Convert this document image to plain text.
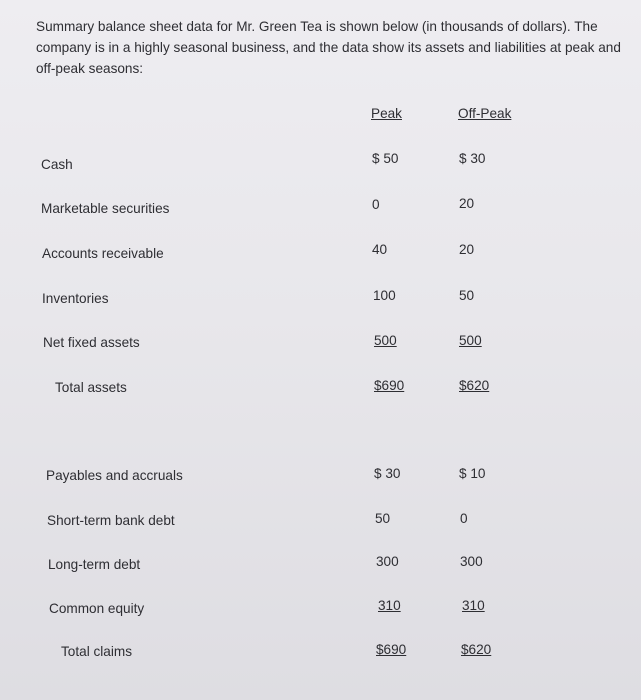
Summary balance sheet data for Mr. Green Tea is shown below (in thousands of dollars). The company is in a highly seasonal business, and the data show its assets and liabilities at peak and off-peak seasons:
Peak	Off-Peak
Cash	$ 50	$ 30
Marketable securities	0	20
Accounts receivable	40	20
Inventories	100	50
Net fixed assets	500	500
Total assets	$690	$620
Payables and accruals	$ 30	$ 10
Short-term bank debt	50	0
Long-term debt	300	300
Common equity	310	310
Total claims	$690	$620
